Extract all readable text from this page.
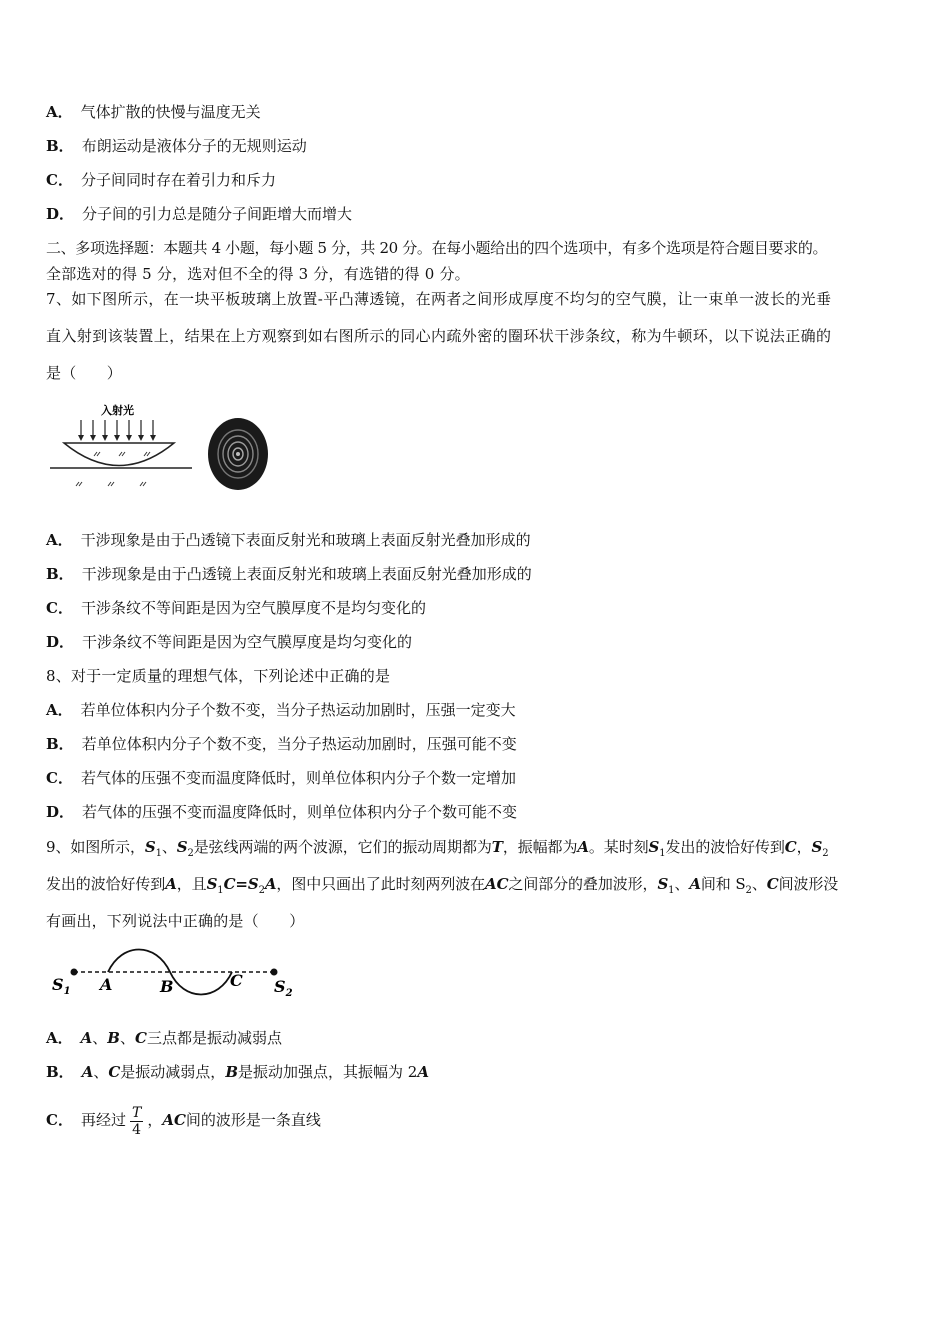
A． 气体扩散的快慢与温度无关
B． 布朗运动是液体分子的无规则运动
C． 分子间同时存在着引力和斥力
D． 分子间的引力总是随分子间距增大而增大
二、多项选择题：本题共 4 小题，每小题 5 分，共 20 分。在每小题给出的四个选项中，有多个选项是符合题目要求的。
全部选对的得 5 分，选对但不全的得 3 分，有选错的得 0 分。
7、如下图所示，在一块平板玻璃上放置-平凸薄透镜，在两者之间形成厚度不均匀的空气膜，让一束单一波长的光垂
直入射到该装置上，结果在上方观察到如右图所示的同心内疏外密的圈环状干涉条纹，称为牛顿环，以下说法正确的
是（　　）
入射光
A． 干涉现象是由于凸透镜下表面反射光和玻璃上表面反射光叠加形成的
B． 干涉现象是由于凸透镜上表面反射光和玻璃上表面反射光叠加形成的
C． 干涉条纹不等间距是因为空气膜厚度不是均匀变化的
D． 干涉条纹不等间距是因为空气膜厚度是均匀变化的
8、对于一定质量的理想气体，下列论述中正确的是
A． 若单位体积内分子个数不变，当分子热运动加剧时，压强一定变大
B． 若单位体积内分子个数不变，当分子热运动加剧时，压强可能不变
C． 若气体的压强不变而温度降低时，则单位体积内分子个数一定增加
D． 若气体的压强不变而温度降低时，则单位体积内分子个数可能不变
9、如图所示，$S_1$、$S_2$是弦线两端的两个波源，它们的振动周期都为T，振幅都为A。某时刻$S_1$发出的波恰好传到C，$S_2$
发出的波恰好传到A，且$S_1C=S_2A$，图中只画出了此时刻两列波在AC之间部分的叠加波形，$S_1$、A间和 $S_2$、C间波形没
有画出，下列说法中正确的是（　　）
$S_1$ A	B	C $S_2$
A． A、B、C三点都是振动减弱点
B． A、C是振动减弱点，B是振动加强点，其振幅为 2A
C． 再经过 $\frac{T}{4}$ ，AC间的波形是一条直线
